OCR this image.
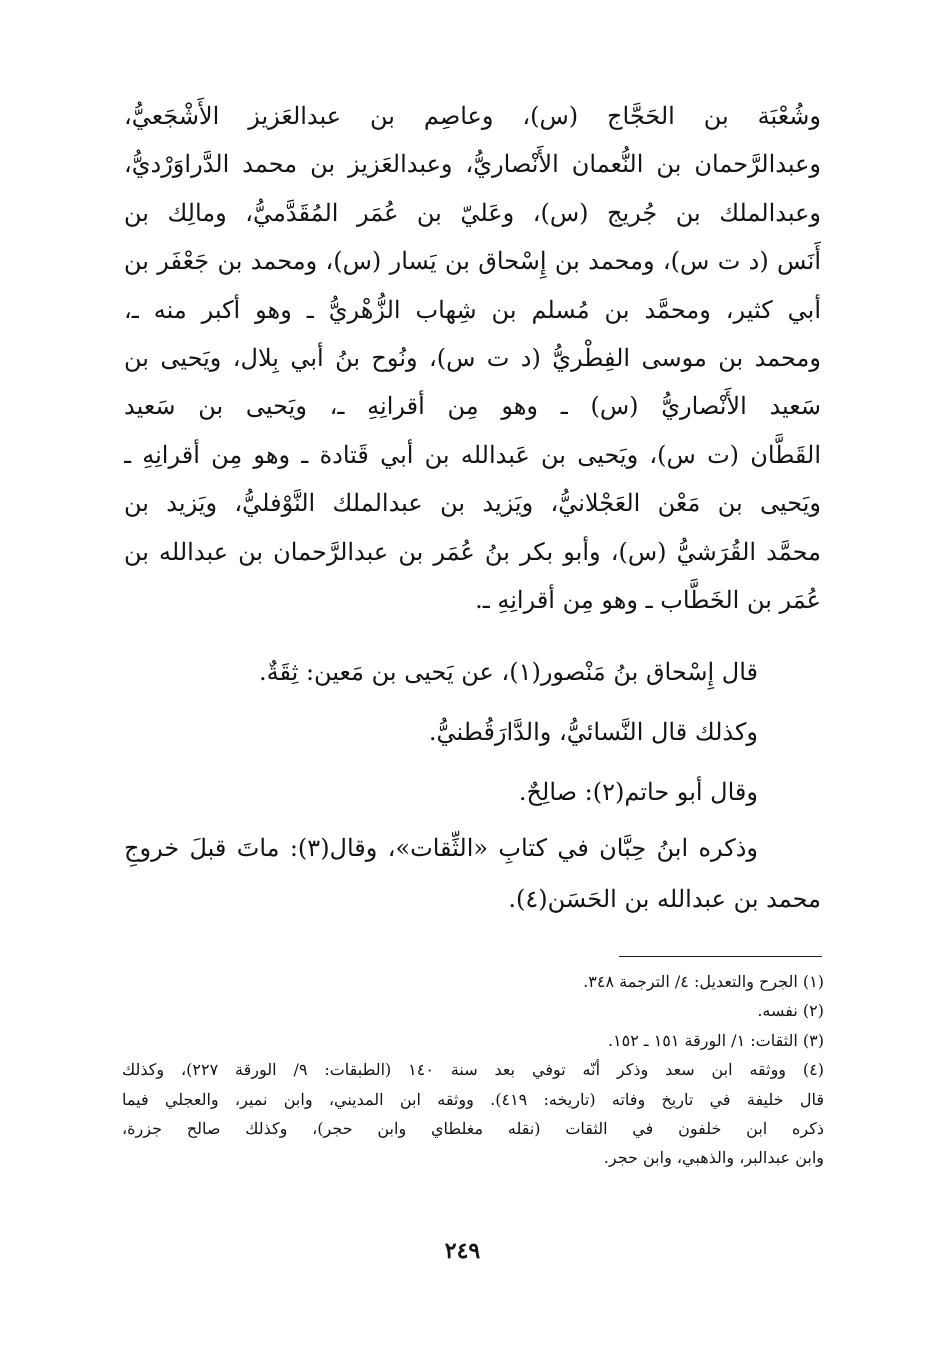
وشُعْبَة بن الحَجَّاج (س)، وعاصِم بن عبدالعَزيز الأَشْجَعيُّ،
وعبدالرَّحمان بن النُّعمان الأَنْصاريُّ، وعبدالعَزيز بن محمد الدَّراوَرْديُّ،
وعبدالملك بن جُريج (س)، وعَليّ بن عُمَر المُقَدَّميُّ، ومالِك بن
أَنَس (د ت س)، ومحمد بن إِسْحاق بن يَسار (س)، ومحمد بن جَعْفَر بن
أبي كثير، ومحمَّد بن مُسلم بن شِهاب الزُّهْريُّ ـ وهو أكبر منه ـ،
ومحمد بن موسى الفِطْريُّ (د ت س)، ونُوح بنُ أبي بِلال، ويَحيى بن
سَعيد الأَنْصاريُّ (س) ـ وهو مِن أقرانِهِ ـ، ويَحيى بن سَعيد
القَطَّان (ت س)، ويَحيى بن عَبدالله بن أبي قَتادة ـ وهو مِن أقرانِهِ ـ
ويَحيى بن مَعْن العَجْلانيُّ، ويَزيد بن عبدالملك النَّوْفليُّ، ويَزيد بن
محمَّد القُرَشيُّ (س)، وأبو بكر بنُ عُمَر بن عبدالرَّحمان بن عبدالله بن
عُمَر بن الخَطَّاب ـ وهو مِن أقرانِهِ ـ.
قال إِسْحاق بنُ مَنْصور(١)، عن يَحيى بن مَعين: ثِقَةٌ.
وكذلك قال النَّسائيُّ، والدَّارَقُطنيُّ.
وقال أبو حاتم(٢): صالِحٌ.
وذكره ابنُ حِبَّان في كتابِ «الثِّقات»، وقال(٣): ماتَ قبلَ خروجِ
محمد بن عبدالله بن الحَسَن(٤).
(١) الجرح والتعديل: ٤/ الترجمة ٣٤٨.
(٢) نفسه.
(٣) الثقات: ١/ الورقة ١٥١ ـ ١٥٢.
(٤) ووثقه ابن سعد وذكر أنّه توفي بعد سنة ١٤٠ (الطبقات: ٩/ الورقة ٢٢٧)، وكذلك
قال خليفة في تاريخ وفاته (تاريخه: ٤١٩). ووثقه ابن المديني، وابن نمير، والعجلي فيما
ذكره ابن خلفون في الثقات (نقله مغلطاي وابن حجر)، وكذلك صالح جزرة،
وابن عبدالبر، والذهبي، وابن حجر.
٢٤٩
